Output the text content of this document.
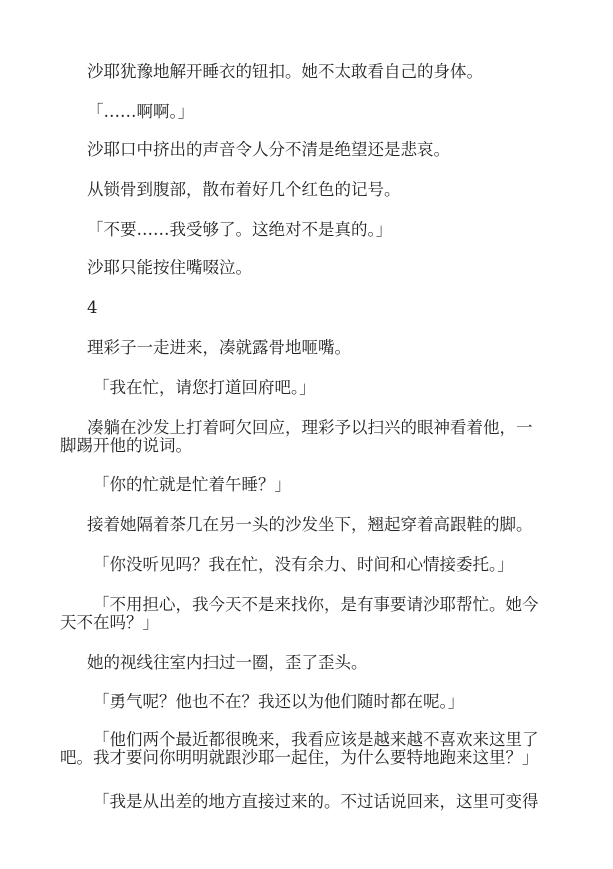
沙耶犹豫地解开睡衣的钮扣。她不太敢看自己的身体。

「……啊啊。」

沙耶口中挤出的声音令人分不清是绝望还是悲哀。

从锁骨到腹部，散布着好几个红色的记号。

「不要……我受够了。这绝对不是真的。」

沙耶只能按住嘴啜泣。

4

理彩子一走进来，凑就露骨地咂嘴。

「我在忙，请您打道回府吧。」

凑躺在沙发上打着呵欠回应，理彩予以扫兴的眼神看着他，一
脚踢开他的说词。

「你的忙就是忙着午睡？」

接着她隔着茶几在另一头的沙发坐下，翘起穿着高跟鞋的脚。

「你没听见吗？我在忙，没有余力、时间和心情接委托。」

「不用担心，我今天不是来找你，是有事要请沙耶帮忙。她今
天不在吗？」

她的视线往室内扫过一圈，歪了歪头。

「勇气呢？他也不在？我还以为他们随时都在呢。」

「他们两个最近都很晚来，我看应该是越来越不喜欢来这里了
吧。我才要问你明明就跟沙耶一起住，为什么要特地跑来这里？」

「我是从出差的地方直接过来的。不过话说回来，这里可变得
